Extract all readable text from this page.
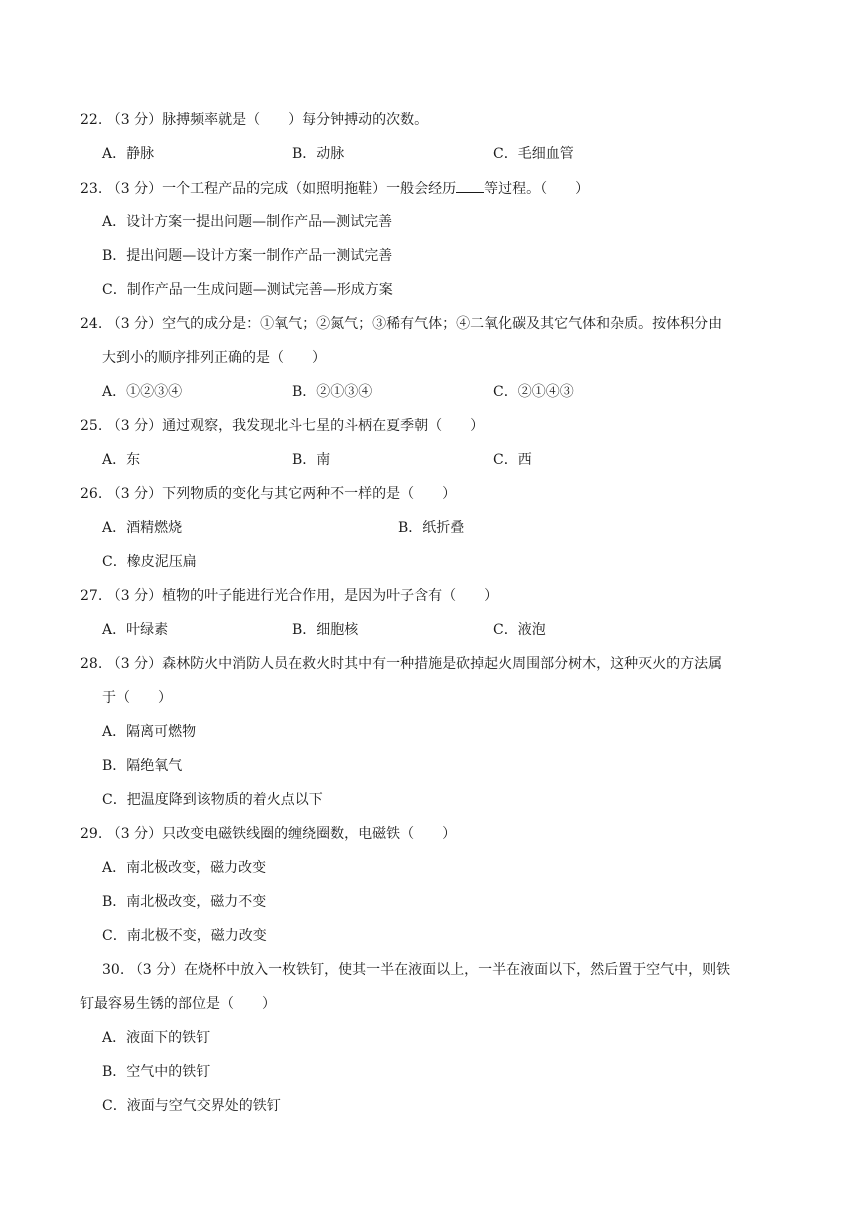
22. （3 分）脉搏频率就是（　　）每分钟搏动的次数。
A．静脉	B．动脉	C．毛细血管
23. （3 分）一个工程产品的完成（如照明拖鞋）一般会经历 等过程。（　　）
A．设计方案一提出问题—制作产品—测试完善
B．提出问题—设计方案一制作产品一测试完善
C．制作产品一生成问题—测试完善—形成方案
24. （3 分）空气的成分是：①氧气；②氮气；③稀有气体；④二氧化碳及其它气体和杂质。按体积分由
大到小的顺序排列正确的是（　　）
A．①②③④	B．②①③④	C．②①④③
25. （3 分）通过观察，我发现北斗七星的斗柄在夏季朝（　　）
A．东	B．南	C．西
26. （3 分）下列物质的变化与其它两种不一样的是（　　）
A．酒精燃烧	B．纸折叠
C．橡皮泥压扁
27. （3 分）植物的叶子能进行光合作用，是因为叶子含有（　　）
A．叶绿素	B．细胞核	C．液泡
28. （3 分）森林防火中消防人员在救火时其中有一种措施是砍掉起火周围部分树木，这种灭火的方法属
于（　　）
A．隔离可燃物
B．隔绝氧气
C．把温度降到该物质的着火点以下
29. （3 分）只改变电磁铁线圈的缠绕圈数，电磁铁（　　）
A．南北极改变，磁力改变
B．南北极改变，磁力不变
C．南北极不变，磁力改变
30. （3 分）在烧杯中放入一枚铁钉，使其一半在液面以上，一半在液面以下，然后置于空气中，则铁
钉最容易生锈的部位是（　　）
A．液面下的铁钉
B．空气中的铁钉
C．液面与空气交界处的铁钉
